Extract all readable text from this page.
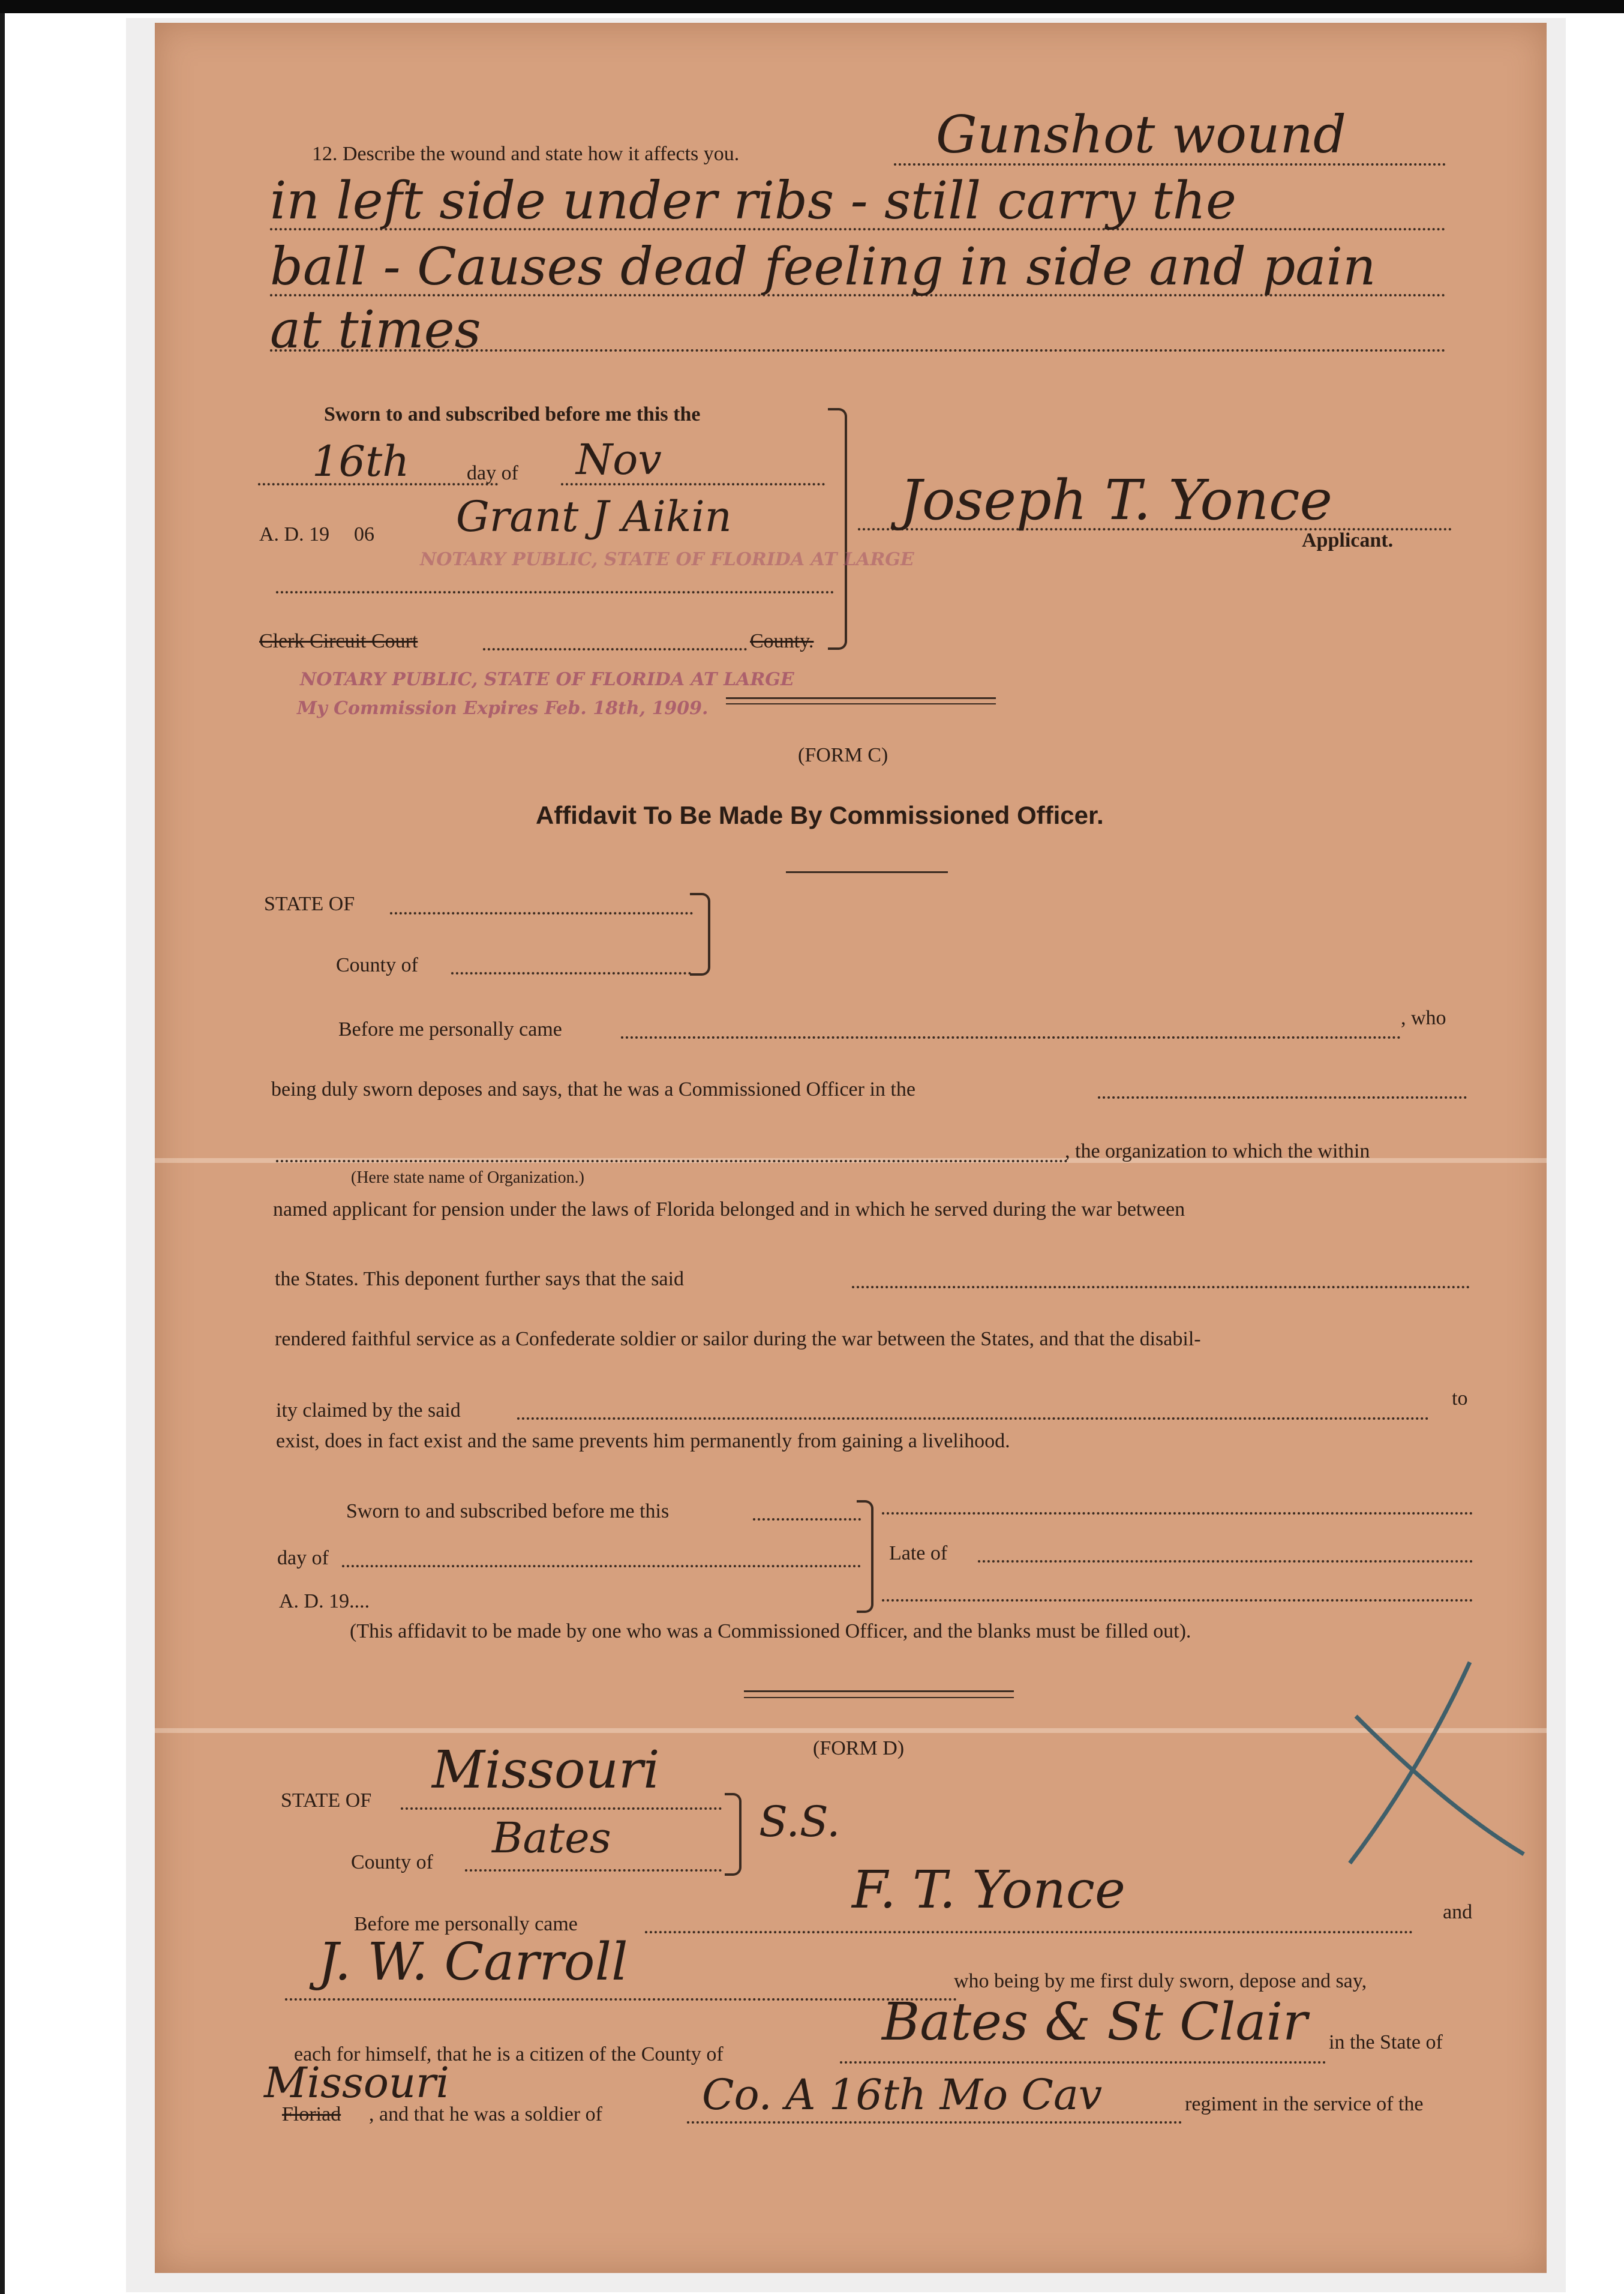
12. Describe the wound and state how it affects you.	Gunshot wound
in left side under ribs - still carry the
ball - Causes dead feeling in side and pain
at times
Sworn to and subscribed before me this the
16th	day of Nov
A. D. 19 06 Grant J Aikin
Clerk Circuit Court	County.
Joseph T. Yonce
Applicant.
NOTARY PUBLIC, STATE OF FLORIDA AT LARGE
NOTARY PUBLIC, STATE OF FLORIDA AT LARGE
My Commission Expires Feb. 18th, 1909.
(FORM C)
Affidavit To Be Made By Commissioned Officer.
STATE OF
County of
Before me personally came
, who
being duly sworn deposes and says, that he was a Commissioned Officer in the
, the organization to which the within
(Here state name of Organization.)
named applicant for pension under the laws of Florida belonged and in which he served during the war between
the States. This deponent further says that the said
rendered faithful service as a Confederate soldier or sailor during the war between the States, and that the disabil-
ity claimed by the said
to
exist, does in fact exist and the same prevents him permanently from gaining a livelihood.
Sworn to and subscribed before me this
day of
A. D. 19....
Late of
(This affidavit to be made by one who was a Commissioned Officer, and the blanks must be filled out).
(FORM D)
STATE OF
Missouri
County of Bates	S.S.
Before me personally came
F. T. Yonce	and
J. W. Carroll	who being by me first duly sworn, depose and say,
each for himself, that he is a citizen of the County of
Bates & St Clair in the State of
Missouri
Floriad , and that he was a soldier of Co. A 16th Mo Cav	regiment in the service of the
